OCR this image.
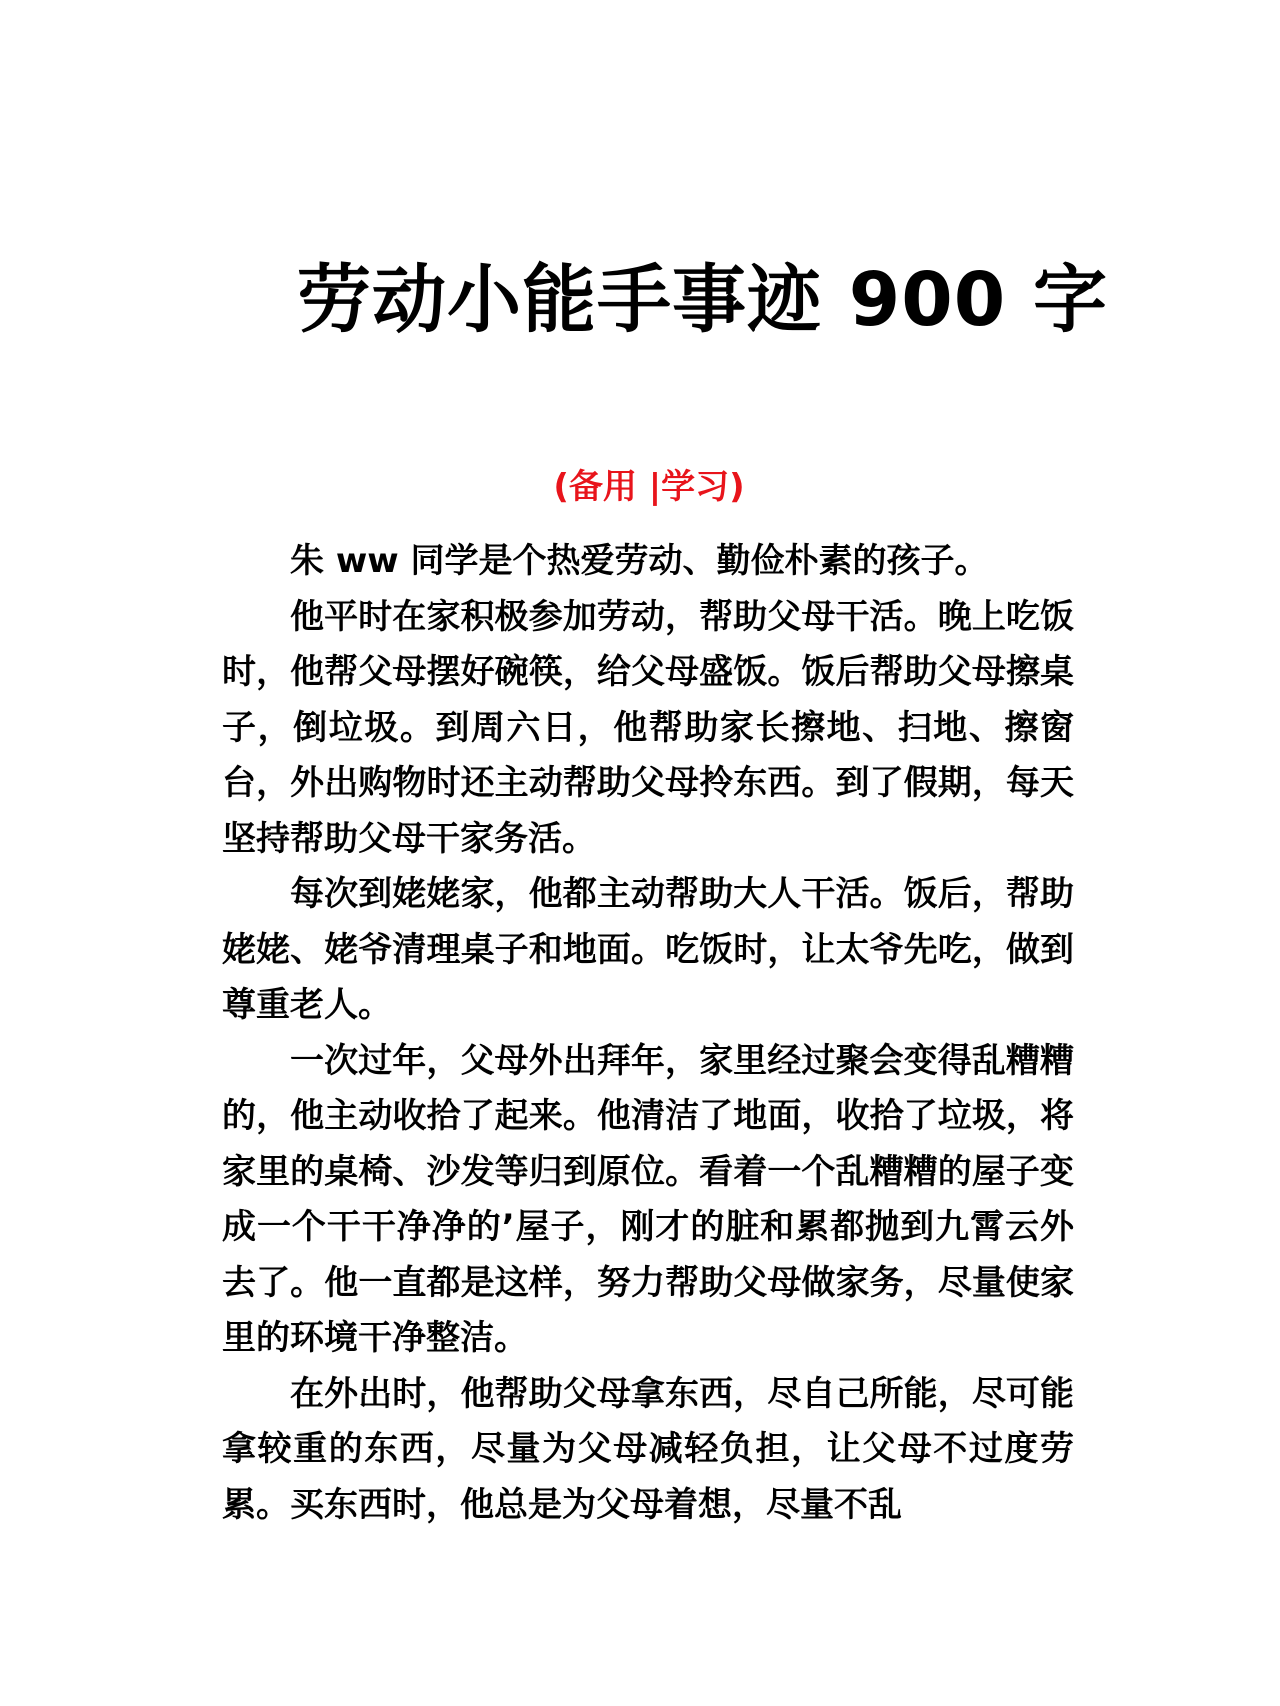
劳动小能手事迹 900 字
(备用 |学习)

朱 ww 同学是个热爱劳动、勤俭朴素的孩子。

他平时在家积极参加劳动，帮助父母干活。晚上吃饭时，他帮父母摆好碗筷，给父母盛饭。饭后帮助父母擦桌子，倒垃圾。到周六日，他帮助家长擦地、扫地、擦窗台，外出购物时还主动帮助父母拎东西。到了假期，每天坚持帮助父母干家务活。

每次到姥姥家，他都主动帮助大人干活。饭后，帮助姥姥、姥爷清理桌子和地面。吃饭时，让太爷先吃，做到尊重老人。

一次过年，父母外出拜年，家里经过聚会变得乱糟糟的，他主动收拾了起来。他清洁了地面，收拾了垃圾，将家里的桌椅、沙发等归到原位。看着一个乱糟糟的屋子变成一个干干净净的’屋子，刚才的脏和累都抛到九霄云外去了。他一直都是这样，努力帮助父母做家务，尽量使家里的环境干净整洁。

在外出时，他帮助父母拿东西，尽自己所能，尽可能拿较重的东西，尽量为父母减轻负担，让父母不过度劳累。买东西时，他总是为父母着想，尽量不乱
